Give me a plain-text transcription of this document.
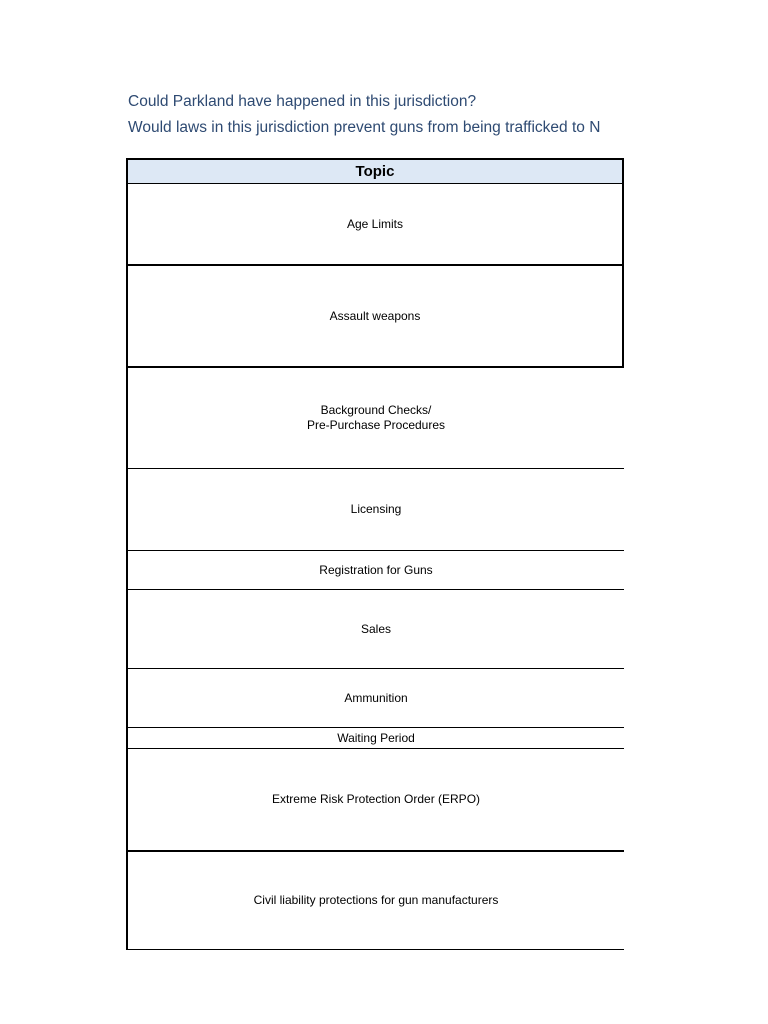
Could Parkland have happened in this jurisdiction?
Would laws in this jurisdiction prevent guns from being trafficked to N
Topic
Age Limits
Assault weapons
Background Checks/
Pre-Purchase Procedures
Licensing
Registration for Guns
Sales
Ammunition
Waiting Period
Extreme Risk Protection Order (ERPO)
Civil liability protections for gun manufacturers
